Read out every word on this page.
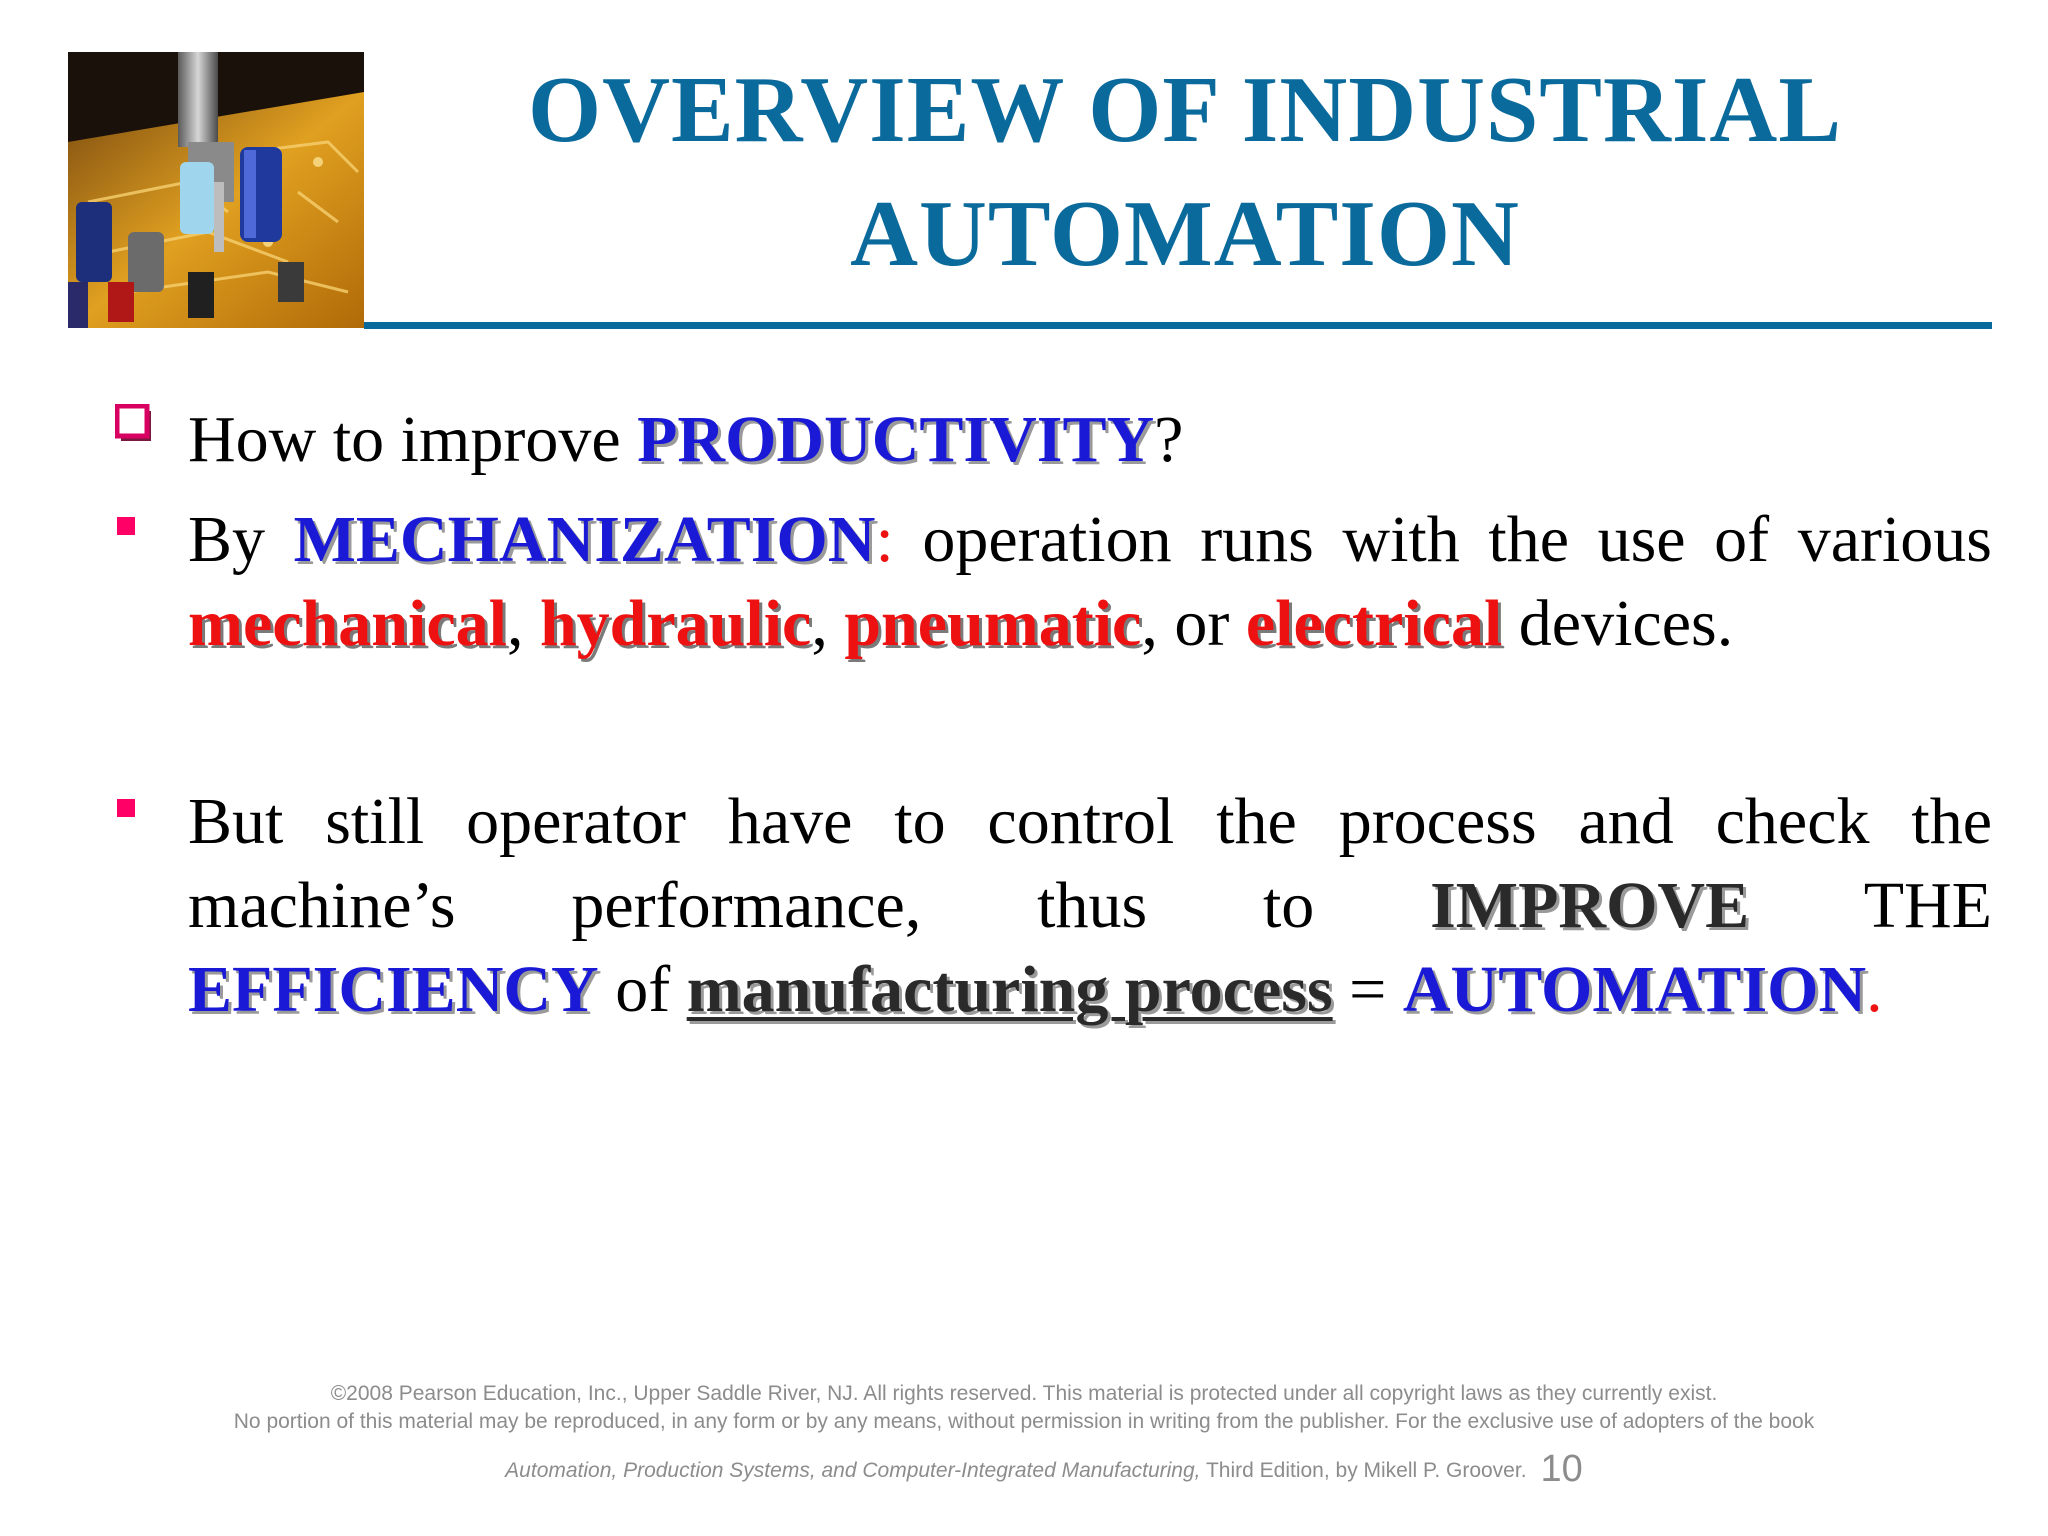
OVERVIEW OF INDUSTRIAL
AUTOMATION
How to improve PRODUCTIVITY?
By MECHANIZATION: operation runs with the use of various
mechanical, hydraulic, pneumatic, or electrical devices.
But still operator have to control the process and check the
machine’s performance, thus to IMPROVE THE
EFFICIENCY of manufacturing process = AUTOMATION.
©2008 Pearson Education, Inc., Upper Saddle River, NJ. All rights reserved. This material is protected under all copyright laws as they currently exist.
No portion of this material may be reproduced, in any form or by any means, without permission in writing from the publisher. For the exclusive use of adopters of the book
Automation, Production Systems, and Computer-Integrated Manufacturing, Third Edition, by Mikell P. Groover. 10
